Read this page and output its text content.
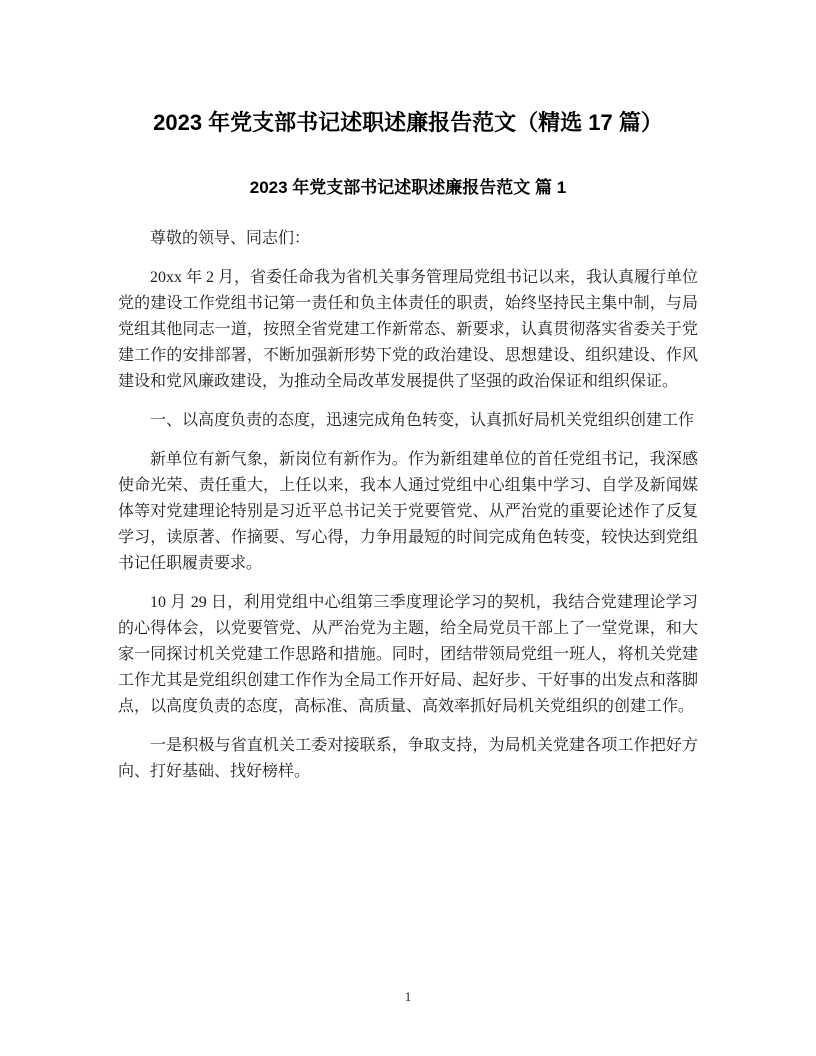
2023 年党支部书记述职述廉报告范文（精选 17 篇）
2023 年党支部书记述职述廉报告范文 篇 1

尊敬的领导、同志们：

20xx 年 2 月，省委任命我为省机关事务管理局党组书记以来，我认真履行单位党的建设工作党组书记第一责任和负主体责任的职责，始终坚持民主集中制，与局党组其他同志一道，按照全省党建工作新常态、新要求，认真贯彻落实省委关于党建工作的安排部署，不断加强新形势下党的政治建设、思想建设、组织建设、作风建设和党风廉政建设，为推动全局改革发展提供了坚强的政治保证和组织保证。

一、以高度负责的态度，迅速完成角色转变，认真抓好局机关党组织创建工作

新单位有新气象，新岗位有新作为。作为新组建单位的首任党组书记，我深感使命光荣、责任重大，上任以来，我本人通过党组中心组集中学习、自学及新闻媒体等对党建理论特别是习近平总书记关于党要管党、从严治党的重要论述作了反复学习，读原著、作摘要、写心得，力争用最短的时间完成角色转变，较快达到党组书记任职履责要求。

10 月 29 日，利用党组中心组第三季度理论学习的契机，我结合党建理论学习的心得体会，以党要管党、从严治党为主题，给全局党员干部上了一堂党课，和大家一同探讨机关党建工作思路和措施。同时，团结带领局党组一班人，将机关党建工作尤其是党组织创建工作作为全局工作开好局、起好步、干好事的出发点和落脚点，以高度负责的态度，高标准、高质量、高效率抓好局机关党组织的创建工作。

一是积极与省直机关工委对接联系，争取支持，为局机关党建各项工作把好方向、打好基础、找好榜样。

1
